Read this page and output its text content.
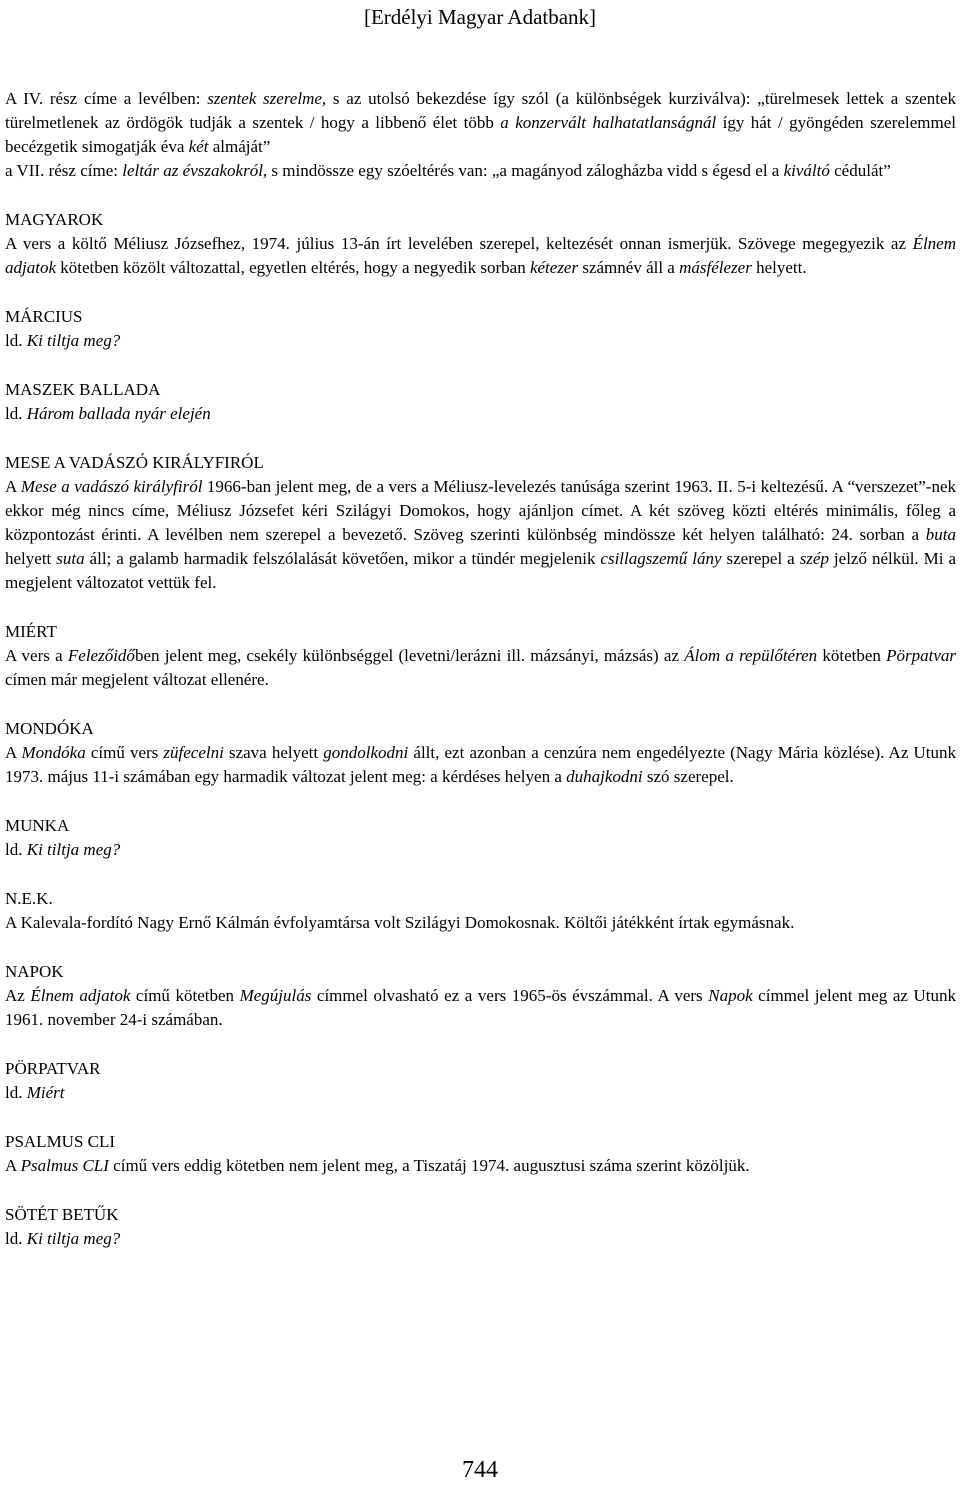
[Erdélyi Magyar Adatbank]
A IV. rész címe a levélben: szentek szerelme, s az utolsó bekezdése így szól (a különbségek kurziválva): „türelmesek lettek a szentek türelmetlenek az ördögök tudják a szentek / hogy a libbenő élet több a konzervált halhatatlanságnál így hát / gyöngéden szerelemmel becézgetik simogatják éva két almáját”
a VII. rész címe: leltár az évszakokról, s mindössze egy szóeltérés van: „a magányod zálogházba vidd s égesd el a kiváltó cédulát”
MAGYAROK
A vers a költő Méliusz Józsefhez, 1974. július 13-án írt levelében szerepel, keltezését onnan ismerjük. Szövege megegyezik az Élnem adjatok kötetben közölt változattal, egyetlen eltérés, hogy a negyedik sorban kétezer számnév áll a másfélezer helyett.
MÁRCIUS
ld. Ki tiltja meg?
MASZEK BALLADA
ld. Három ballada nyár elején
MESE A VADÁSZÓ KIRÁLYFIRÓL
A Mese a vadászó királyfiról 1966-ban jelent meg, de a vers a Méliusz-levelezés tanúsága szerint 1963. II. 5-i keltezésű. A “verszezet”-nek ekkor még nincs címe, Méliusz Józsefet kéri Szilágyi Domokos, hogy ajánljon címet. A két szöveg közti eltérés minimális, főleg a központozást érinti. A levélben nem szerepel a bevezető. Szöveg szerinti különbség mindössze két helyen található: 24. sorban a buta helyett suta áll; a galamb harmadik felszólalását követően, mikor a tündér megjelenik csillagszemű lány szerepel a szép jelző nélkül. Mi a megjelent változatot vettük fel.
MIÉRT
A vers a Felezőidőben jelent meg, csekély különbséggel (levetni/lerázni ill. mázsányi, mázsás) az Álom a repülőtéren kötetben Pörpatvar címen már megjelent változat ellenére.
MONDÓKA
A Mondóka című vers züfecelni szava helyett gondolkodni állt, ezt azonban a cenzúra nem engedélyezte (Nagy Mária közlése). Az Utunk 1973. május 11-i számában egy harmadik változat jelent meg: a kérdéses helyen a duhajkodni szó szerepel.
MUNKA
ld. Ki tiltja meg?
N.E.K.
A Kalevala-fordító Nagy Ernő Kálmán évfolyamtársa volt Szilágyi Domokosnak. Költői játékként írtak egymásnak.
NAPOK
Az Élnem adjatok című kötetben Megújulás címmel olvasható ez a vers 1965-ös évszámmal. A vers Napok címmel jelent meg az Utunk 1961. november 24-i számában.
PÖRPATVAR
ld. Miért
PSALMUS CLI
A Psalmus CLI című vers eddig kötetben nem jelent meg, a Tiszatáj 1974. augusztusi száma szerint közöljük.
SÖTÉT BETŰK
ld. Ki tiltja meg?
744
